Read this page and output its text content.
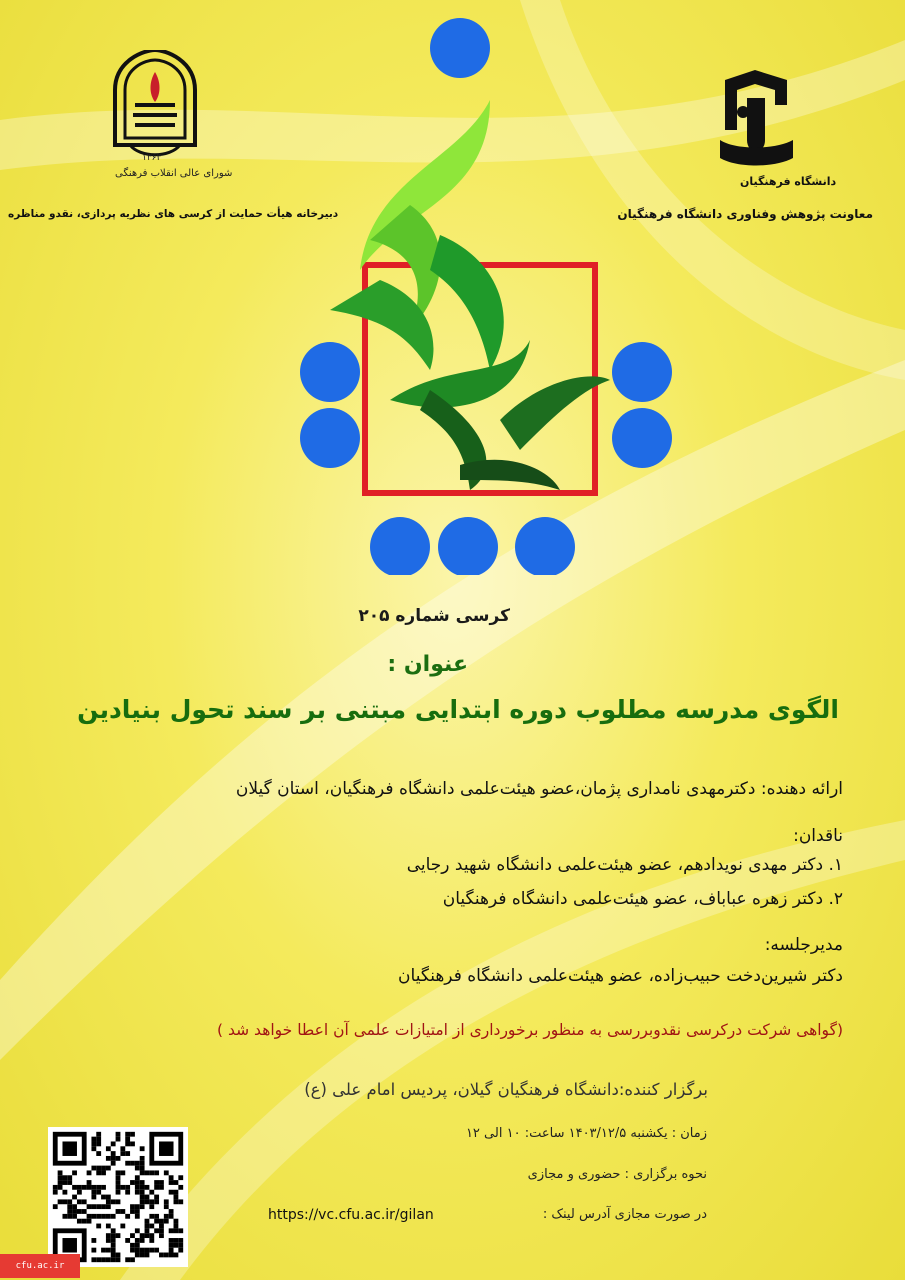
دانشگاه فرهنگیان
معاونت پژوهش وفناوری دانشگاه فرهنگیان
۱۳۶۳
شورای عالی انقلاب فرهنگی
دبیرخانه هیأت حمایت از کرسی های نظریه پردازی، نقدو مناظره
کرسی شماره ۲۰۵
عنوان :
الگوی مدرسه مطلوب دوره ابتدایی مبتنی بر سند تحول بنیادین
ارائه دهنده: دکترمهدی نامداری پژمان،عضو هیئت‌علمی دانشگاه فرهنگیان، استان گیلان
ناقدان:
۱. دکتر مهدی نویدادهم، عضو هیئت‌علمی دانشگاه شهید رجایی
۲. دکتر زهره عباباف، عضو هیئت‌علمی دانشگاه فرهنگیان
مدیرجلسه:
دکتر شیرین‌دخت حبیب‌زاده، عضو هیئت‌علمی دانشگاه فرهنگیان
(گواهی شرکت درکرسی نقدوبررسی به منظور برخورداری از امتیازات علمی آن اعطا خواهد شد )
برگزار کننده:دانشگاه فرهنگیان گیلان، پردیس امام علی (ع)
زمان : یکشنبه ۱۴۰۳/۱۲/۵ ساعت: ۱۰ الی ۱۲
نحوه برگزاری : حضوری و مجازی
در صورت مجازی آدرس لینک :
https://vc.cfu.ac.ir/gilan
cfu.ac.ir
